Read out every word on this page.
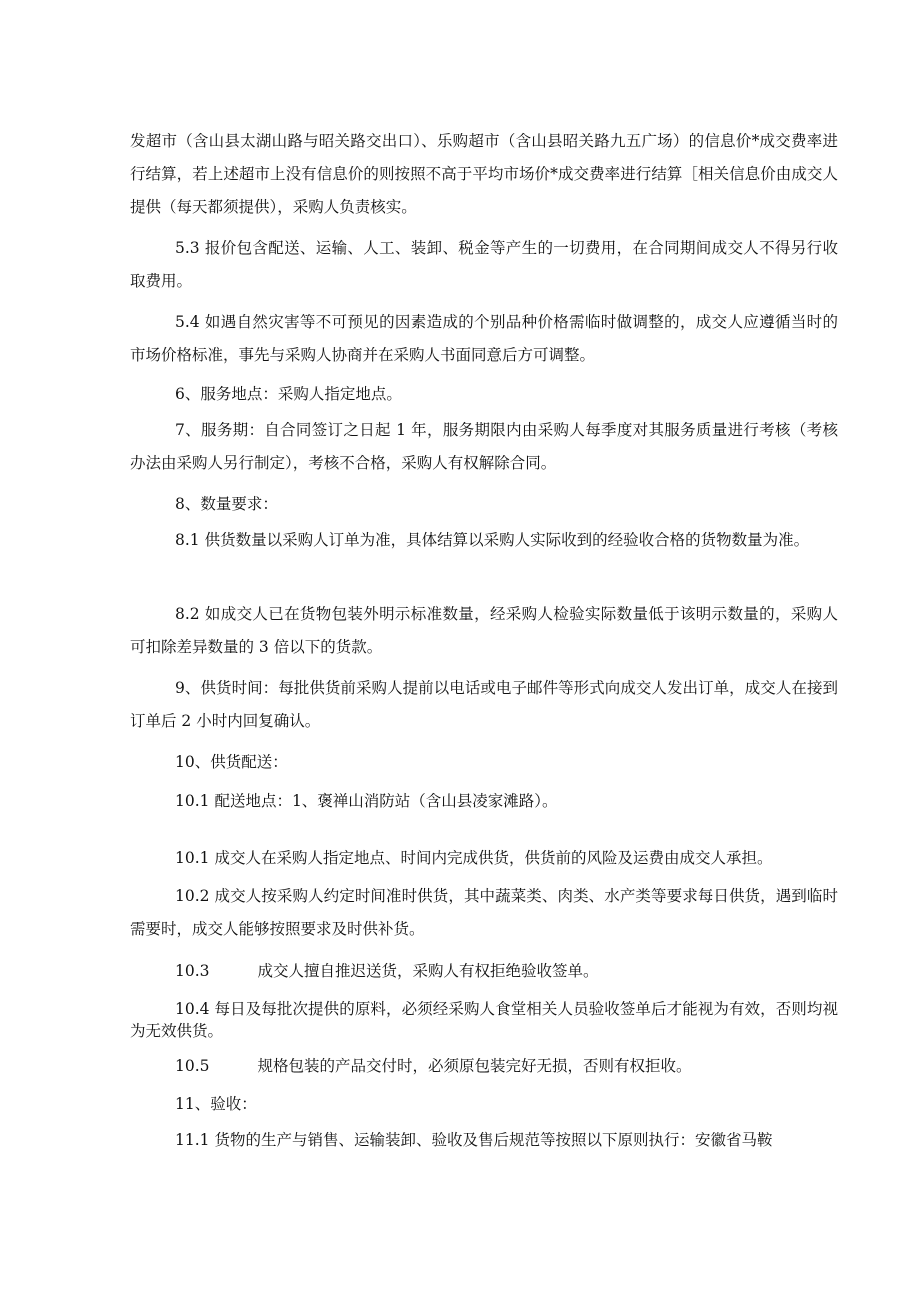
发超市（含山县太湖山路与昭关路交出口）、乐购超市（含山县昭关路九五广场）的信息价*成交费率进行结算，若上述超市上没有信息价的则按照不高于平均市场价*成交费率进行结算［相关信息价由成交人提供（每天都须提供），采购人负责核实。

5.3 报价包含配送、运输、人工、装卸、税金等产生的一切费用，在合同期间成交人不得另行收取费用。

5.4 如遇自然灾害等不可预见的因素造成的个别品种价格需临时做调整的，成交人应遵循当时的市场价格标准，事先与采购人协商并在采购人书面同意后方可调整。

6、服务地点：采购人指定地点。

7、服务期：自合同签订之日起 1 年，服务期限内由采购人每季度对其服务质量进行考核（考核办法由采购人另行制定），考核不合格，采购人有权解除合同。

8、数量要求：

8.1 供货数量以采购人订单为准，具体结算以采购人实际收到的经验收合格的货物数量为准。

8.2 如成交人已在货物包装外明示标准数量，经采购人检验实际数量低于该明示数量的，采购人可扣除差异数量的 3 倍以下的货款。

9、供货时间：每批供货前采购人提前以电话或电子邮件等形式向成交人发出订单，成交人在接到订单后 2 小时内回复确认。

10、供货配送：

10.1 配送地点：1、褒禅山消防站（含山县凌家滩路）。

10.1 成交人在采购人指定地点、时间内完成供货，供货前的风险及运费由成交人承担。

10.2 成交人按采购人约定时间准时供货，其中蔬菜类、肉类、水产类等要求每日供货，遇到临时需要时，成交人能够按照要求及时供补货。

10.3	成交人擅自推迟送货，采购人有权拒绝验收签单。

10.4 每日及每批次提供的原料，必须经采购人食堂相关人员验收签单后才能视为有效，否则均视为无效供货。

10.5	规格包装的产品交付时，必须原包装完好无损，否则有权拒收。

11、验收：

11.1 货物的生产与销售、运输装卸、验收及售后规范等按照以下原则执行：安徽省马鞍
